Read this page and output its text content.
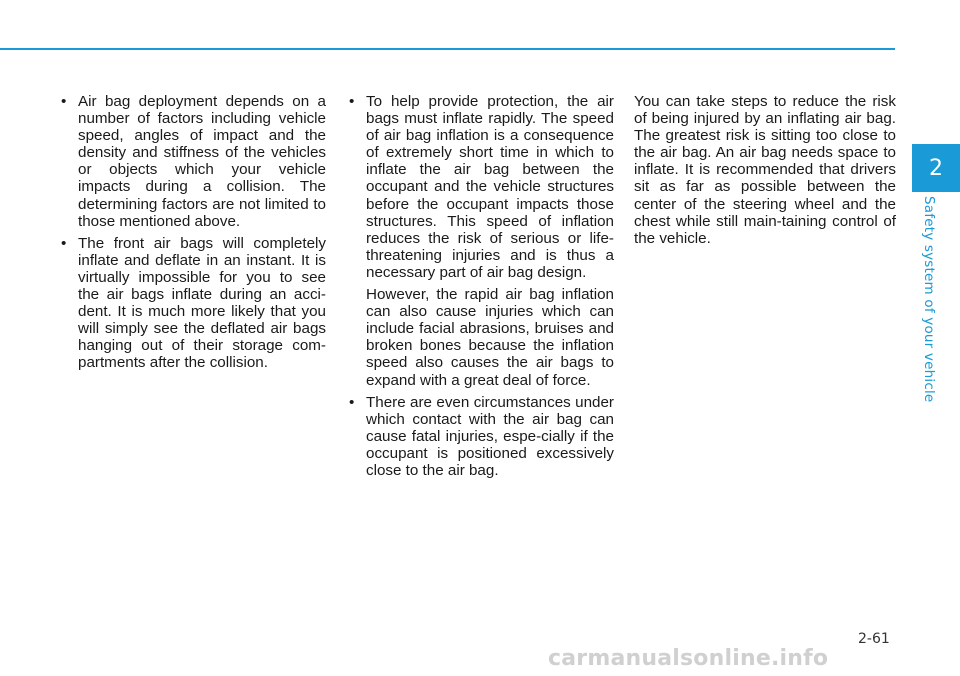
• Air bag deployment depends on a number of factors including vehicle speed, angles of impact and the density and stiffness of the vehicles or objects which your vehicle impacts during a collision. The determining factors are not limited to those mentioned above.
• The front air bags will completely inflate and deflate in an instant. It is virtually impossible for you to see the air bags inflate during an acci-dent. It is much more likely that you will simply see the deflated air bags hanging out of their storage com-partments after the collision.
• To help provide protection, the air bags must inflate rapidly. The speed of air bag inflation is a consequence of extremely short time in which to inflate the air bag between the occupant and the vehicle structures before the occupant impacts those structures. This speed of inflation reduces the risk of serious or life-threatening injuries and is thus a necessary part of air bag design.
However, the rapid air bag inflation can also cause injuries which can include facial abrasions, bruises and broken bones because the inflation speed also causes the air bags to expand with a great deal of force.
• There are even circumstances under which contact with the air bag can cause fatal injuries, espe-cially if the occupant is positioned excessively close to the air bag.

You can take steps to reduce the risk of being injured by an inflating air bag. The greatest risk is sitting too close to the air bag. An air bag needs space to inflate. It is recommended that drivers sit as far as possible between the center of the steering wheel and the chest while still main-taining control of the vehicle.

2
Safety system of your vehicle
2-61
carmanualsonline.info
